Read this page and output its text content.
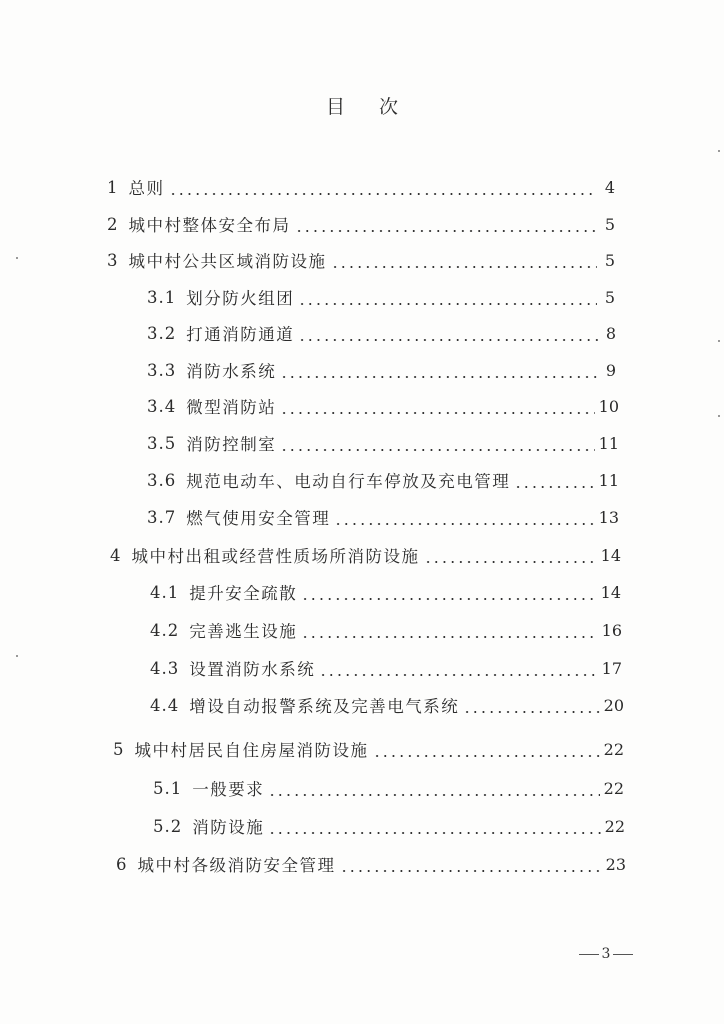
目 次
1 总则	4
2 城中村整体安全布局	5
3 城中村公共区域消防设施	5
3.1 划分防火组团	5
3.2 打通消防通道	8
3.3 消防水系统	9
3.4 微型消防站	10
3.5 消防控制室	11
3.6 规范电动车、电动自行车停放及充电管理	11
3.7 燃气使用安全管理	13
4 城中村出租或经营性质场所消防设施	14
4.1 提升安全疏散	14
4.2 完善逃生设施	16
4.3 设置消防水系统	17
4.4 增设自动报警系统及完善电气系统	20
5 城中村居民自住房屋消防设施	22
5.1 一般要求	22
5.2 消防设施	22
6 城中村各级消防安全管理	23
3
